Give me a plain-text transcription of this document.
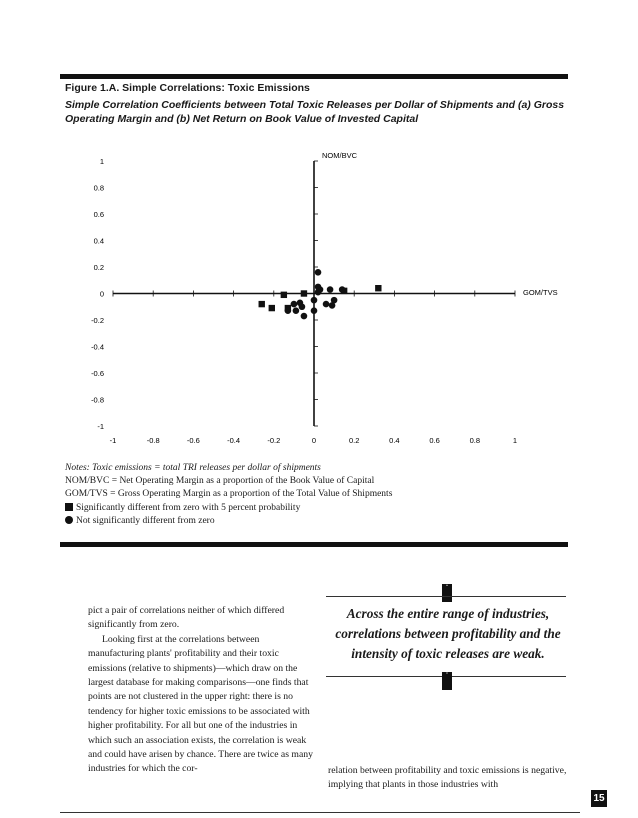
Figure 1.A. Simple Correlations: Toxic Emissions
Simple Correlation Coefficients between Total Toxic Releases per Dollar of Shipments and (a) Gross Operating Margin and (b) Net Return on Book Value of Invested Capital
-1	-0.8	-0.6	-0.4	-0.2	0	0.2	0.4	0.6	0.8	1
1
0.8
0.6
0.4
0.2
0
-0.2
-0.4
-0.6
-0.8
-1
GOM/TVS
NOM/BVC
Notes: Toxic emissions = total TRI releases per dollar of shipments
NOM/BVC = Net Operating Margin as a proportion of the Book Value of Capital
GOM/TVS = Gross Operating Margin as a proportion of the Total Value of Shipments
Significantly different from zero with 5 percent probability
Not significantly different from zero

pict a pair of correlations neither of which differed significantly from zero.

Looking first at the correlations between manufacturing plants' profitability and their toxic emissions (relative to shipments)—which draw on the largest database for making comparisons—one finds that points are not clustered in the upper right: there is no tendency for higher toxic emissions to be associated with higher profitability. For all but one of the industries in which such an association exists, the correlation is weak and could have arisen by chance. There are twice as many industries for which the cor-

“
Across the entire range of industries, correlations between profitability and the intensity of toxic releases are weak.
”

relation between profitability and toxic emissions is negative, implying that plants in those industries with

15
